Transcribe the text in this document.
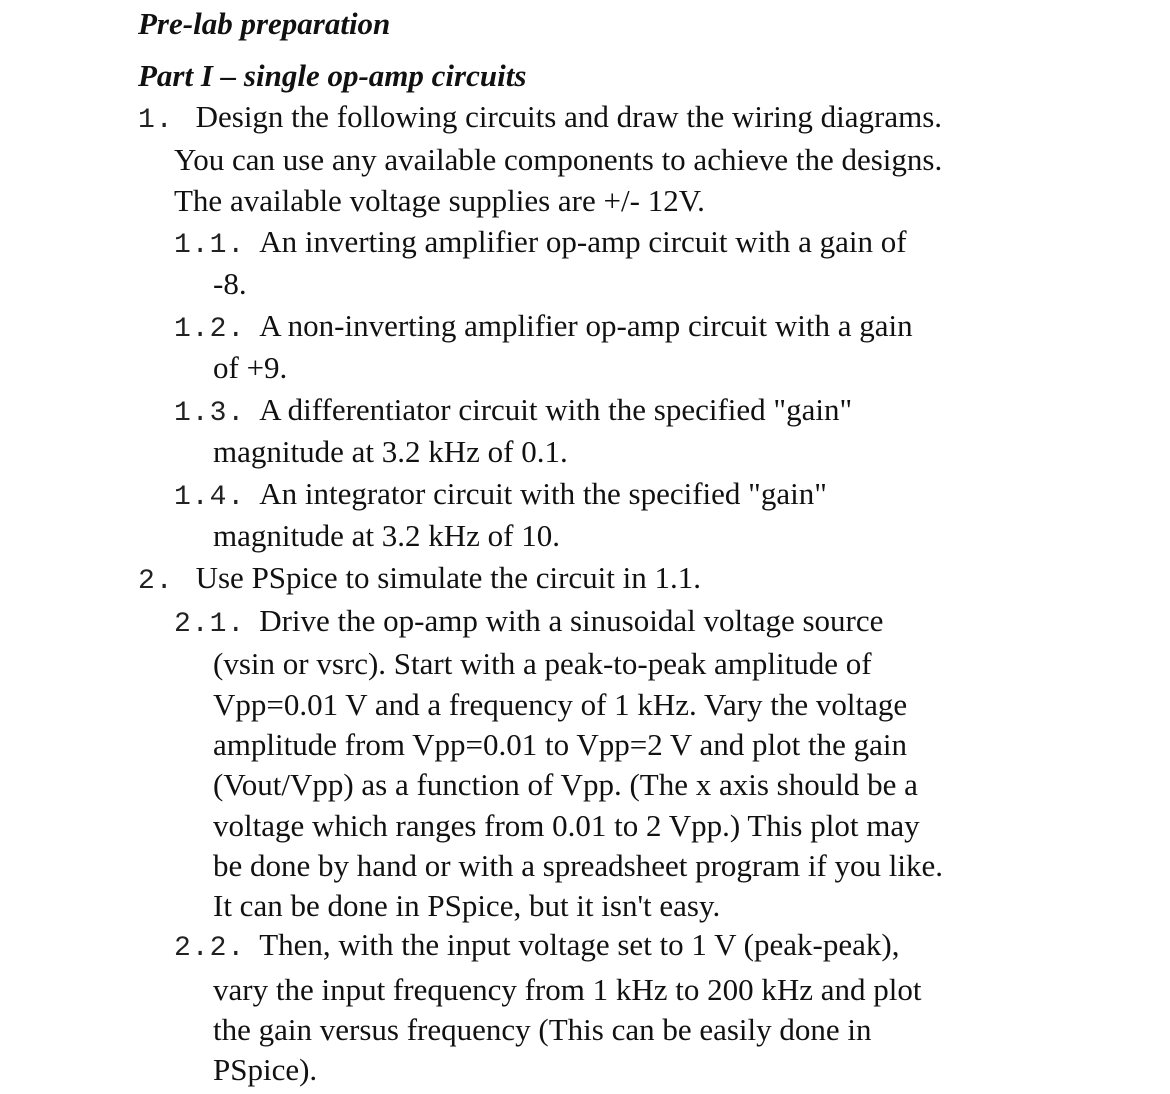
Pre-lab preparation
Part I – single op-amp circuits
1. Design the following circuits and draw the wiring diagrams.
You can use any available components to achieve the designs.
The available voltage supplies are +/- 12V.
1.1. An inverting amplifier op-amp circuit with a gain of
-8.
1.2. A non-inverting amplifier op-amp circuit with a gain
of +9.
1.3. A differentiator circuit with the specified "gain"
magnitude at 3.2 kHz of 0.1.
1.4. An integrator circuit with the specified "gain"
magnitude at 3.2 kHz of 10.
2. Use PSpice to simulate the circuit in 1.1.
2.1. Drive the op-amp with a sinusoidal voltage source
(vsin or vsrc). Start with a peak-to-peak amplitude of
Vpp=0.01 V and a frequency of 1 kHz. Vary the voltage
amplitude from Vpp=0.01 to Vpp=2 V and plot the gain
(Vout/Vpp) as a function of Vpp. (The x axis should be a
voltage which ranges from 0.01 to 2 Vpp.) This plot may
be done by hand or with a spreadsheet program if you like.
It can be done in PSpice, but it isn't easy.
2.2. Then, with the input voltage set to 1 V (peak-peak),
vary the input frequency from 1 kHz to 200 kHz and plot
the gain versus frequency (This can be easily done in
PSpice).
